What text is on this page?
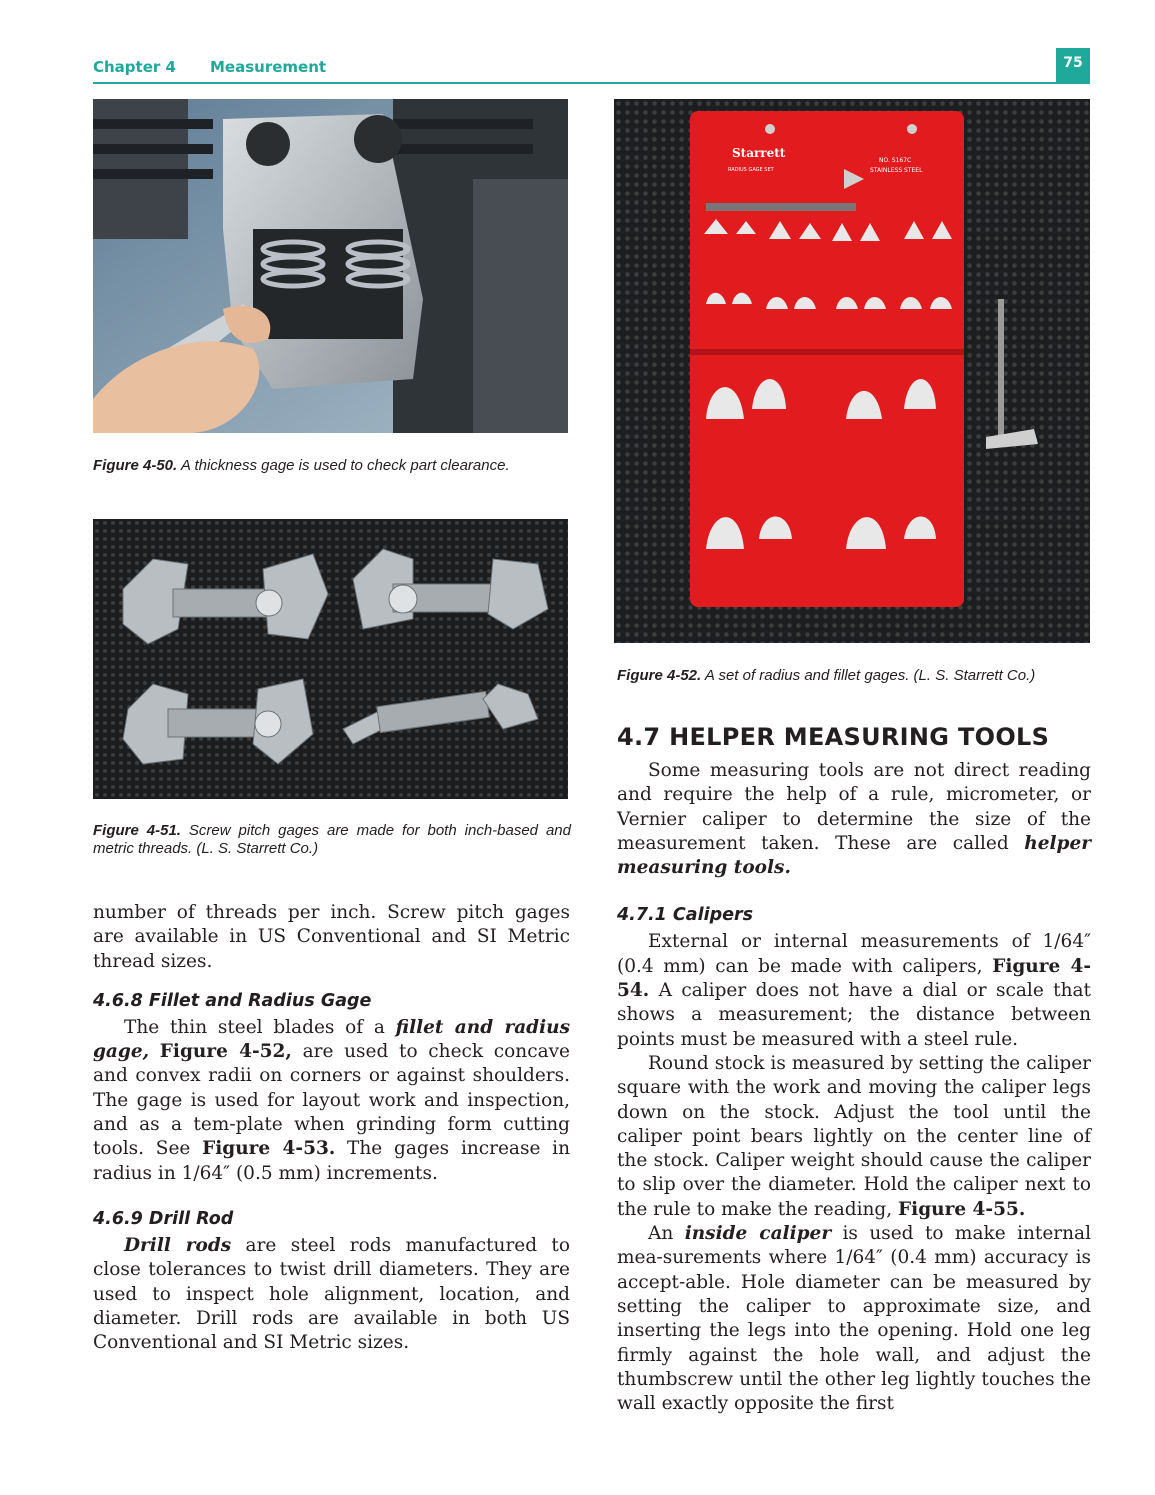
Chapter 4 Measurement	75
Figure 4-50. A thickness gage is used to check part clearance.
Figure 4-51. Screw pitch gages are made for both inch-based and metric threads. (L. S. Starrett Co.)
Starrett
RADIUS GAGE SET
NO. S167C
STAINLESS STEEL
Figure 4-52. A set of radius and fillet gages. (L. S. Starrett Co.)

number of threads per inch. Screw pitch gages are available in US Conventional and SI Metric thread sizes.

4.6.8 Fillet and Radius Gage

The thin steel blades of a fillet and radius gage, Figure 4-52, are used to check concave and convex radii on corners or against shoulders. The gage is used for layout work and inspection, and as a tem-plate when grinding form cutting tools. See Figure 4-53. The gages increase in radius in 1/64″ (0.5 mm) increments.

4.6.9 Drill Rod

Drill rods are steel rods manufactured to close tolerances to twist drill diameters. They are used to inspect hole alignment, location, and diameter. Drill rods are available in both US Conventional and SI Metric sizes.

4.7 HELPER MEASURING TOOLS

Some measuring tools are not direct reading and require the help of a rule, micrometer, or Vernier caliper to determine the size of the measurement taken. These are called helper measuring tools.

4.7.1 Calipers

External or internal measurements of 1/64″ (0.4 mm) can be made with calipers, Figure 4-54. A caliper does not have a dial or scale that shows a measurement; the distance between points must be measured with a steel rule.

Round stock is measured by setting the caliper square with the work and moving the caliper legs down on the stock. Adjust the tool until the caliper point bears lightly on the center line of the stock. Caliper weight should cause the caliper to slip over the diameter. Hold the caliper next to the rule to make the reading, Figure 4-55.

An inside caliper is used to make internal mea-surements where 1/64″ (0.4 mm) accuracy is accept-able. Hole diameter can be measured by setting the caliper to approximate size, and inserting the legs into the opening. Hold one leg firmly against the hole wall, and adjust the thumbscrew until the other leg lightly touches the wall exactly opposite the first
